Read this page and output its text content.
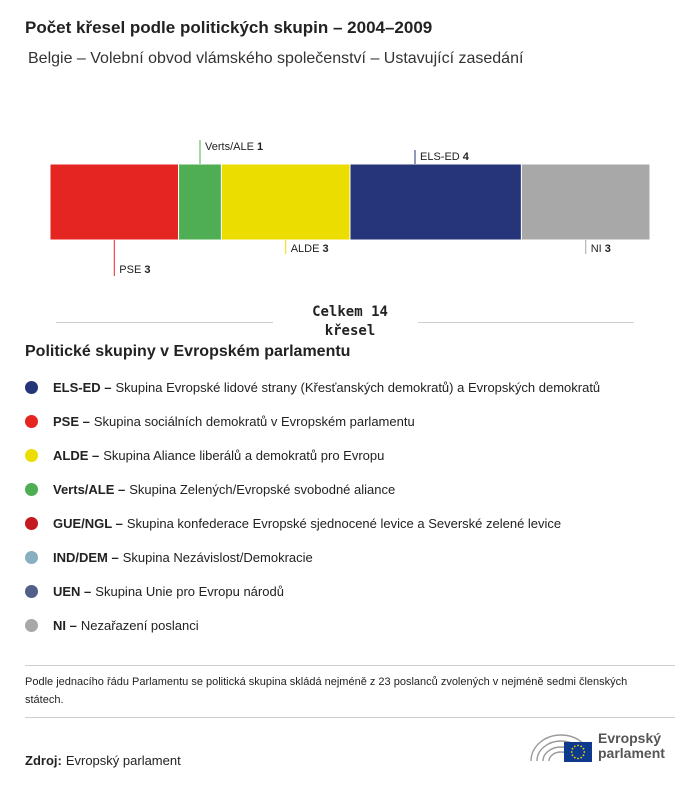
Počet křesel podle politických skupin – 2004–2009
Belgie – Volební obvod vlámského společenství – Ustavující zasedání
PSE 3
Verts/ALE 1
ALDE 3
ELS-ED 4
NI 3
Celkem 14
křesel
Politické skupiny v Evropském parlamentu
ELS-ED – Skupina Evropské lidové strany (Křesťanských demokratů) a Evropských demokratů
PSE – Skupina sociálních demokratů v Evropském parlamentu
ALDE – Skupina Aliance liberálů a demokratů pro Evropu
Verts/ALE – Skupina Zelených/Evropské svobodné aliance
GUE/NGL – Skupina konfederace Evropské sjednocené levice a Severské zelené levice
IND/DEM – Skupina Nezávislost/Demokracie
UEN – Skupina Unie pro Evropu národů
NI – Nezařazení poslanci
Podle jednacího řádu Parlamentu se politická skupina skládá nejméně z 23 poslanců zvolených v nejméně sedmi členských státech.
Zdroj: Evropský parlament
Evropský
parlament
